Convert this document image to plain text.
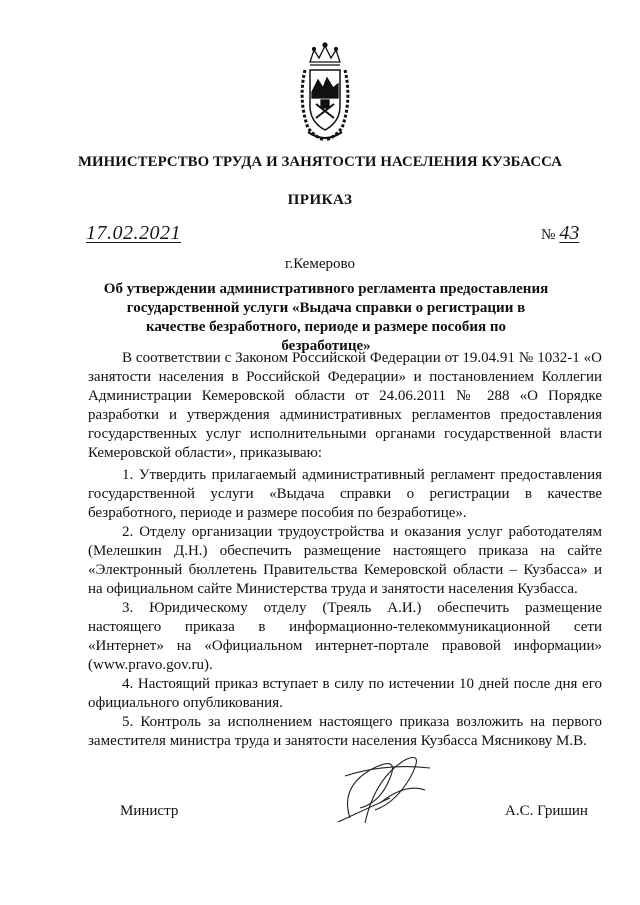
МИНИСТЕРСТВО ТРУДА И ЗАНЯТОСТИ НАСЕЛЕНИЯ КУЗБАССА
ПРИКАЗ
17.02.2021	№ 43
г.Кемерово
Об утверждении административного регламента предоставления государственной услуги «Выдача справки о регистрации в качестве безработного, периоде и размере пособия по безработице»

В соответствии с Законом Российской Федерации от 19.04.91 № 1032-1 «О занятости населения в Российской Федерации» и постановлением Коллегии Администрации Кемеровской области от 24.06.2011 № 288 «О Порядке разработки и утверждения административных регламентов предоставления государственных услуг исполнительными органами государственной власти Кемеровской области», приказываю:

1. Утвердить прилагаемый административный регламент предоставления государственной услуги «Выдача справки о регистрации в качестве безработного, периоде и размере пособия по безработице».

2. Отделу организации трудоустройства и оказания услуг работодателям (Мелешкин Д.Н.) обеспечить размещение настоящего приказа на сайте «Электронный бюллетень Правительства Кемеровской области – Кузбасса» и на официальном сайте Министерства труда и занятости населения Кузбасса.

3. Юридическому отделу (Треяль А.И.) обеспечить размещение настоящего приказа в информационно-телекоммуникационной сети «Интернет» на «Официальном интернет-портале правовой информации» (www.pravo.gov.ru).

4. Настоящий приказ вступает в силу по истечении 10 дней после дня его официального опубликования.

5. Контроль за исполнением настоящего приказа возложить на первого заместителя министра труда и занятости населения Кузбасса Мясникову М.В.

Министр	А.С. Гришин
